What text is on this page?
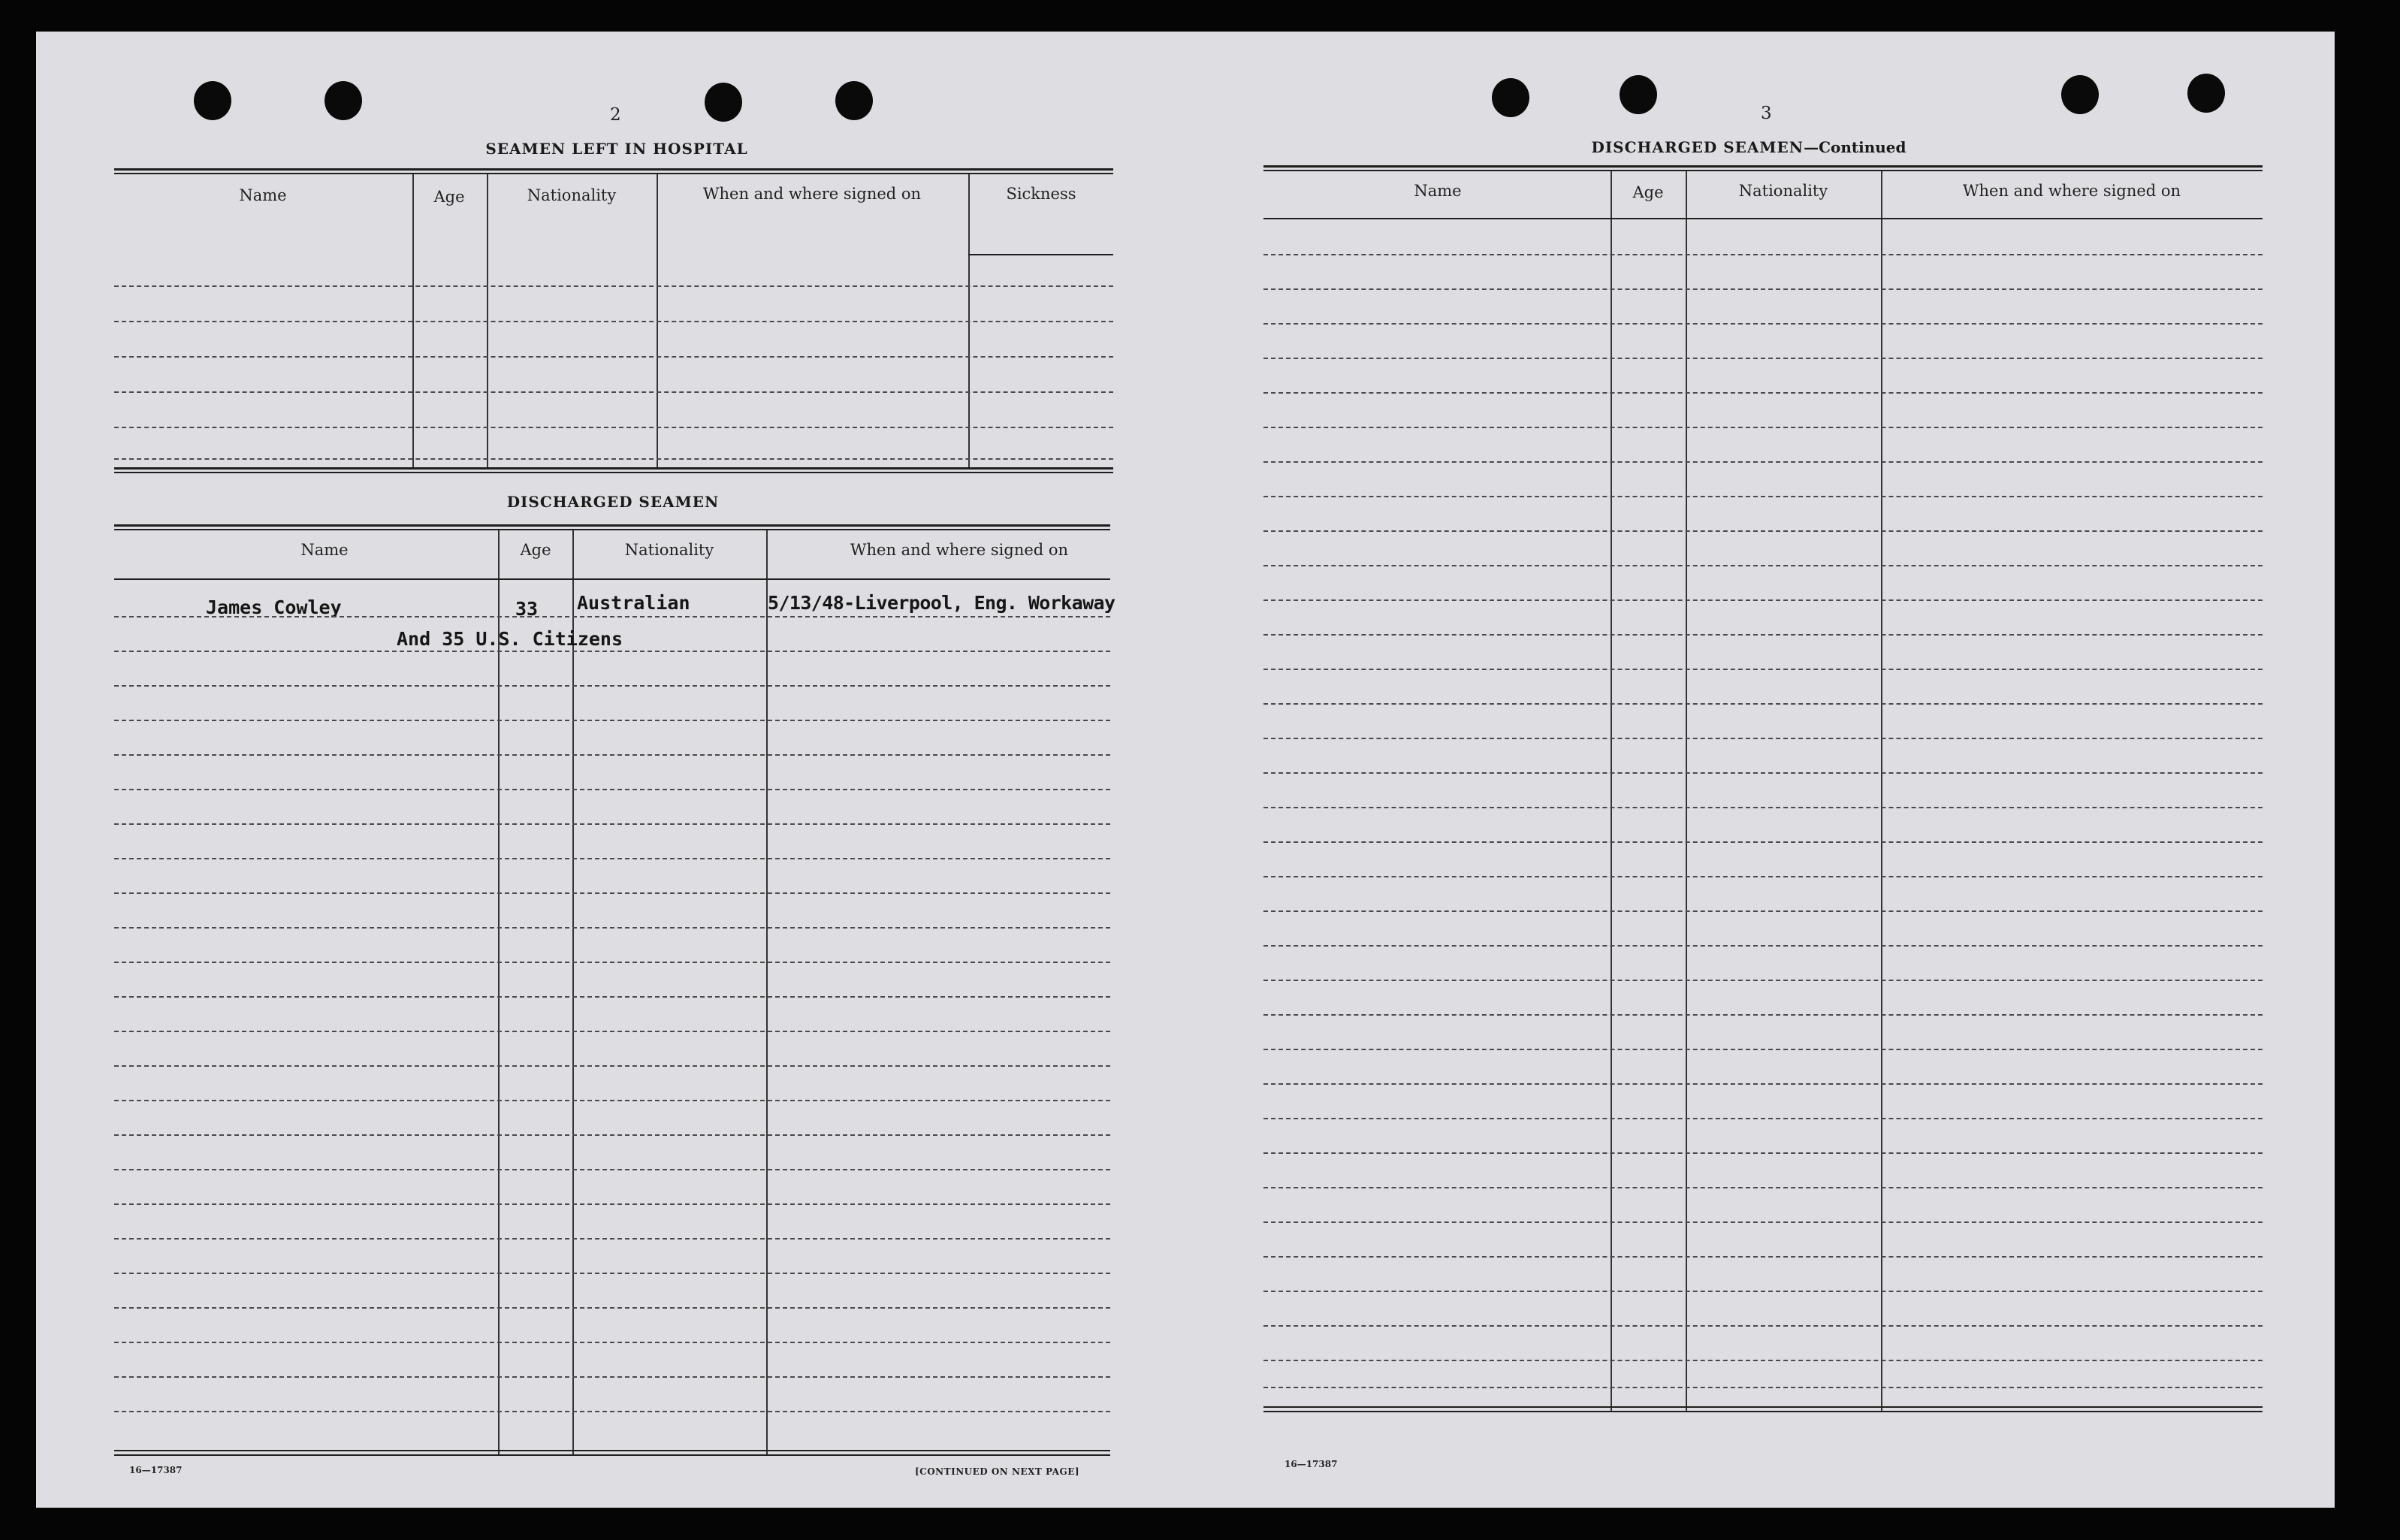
2
SEAMEN LEFT IN HOSPITAL
Name	Age	Nationality	When and where signed on	Sickness
DISCHARGED SEAMEN
Name	Age	Nationality	When and where signed on
James Cowley	33 Australian	5/13/48-Liverpool, Eng. Workaway
And 35 U.S. Citizens
16—17387	[CONTINUED ON NEXT PAGE]
3
DISCHARGED SEAMEN—Continued
Name	Age	Nationality	When and where signed on
16—17387
